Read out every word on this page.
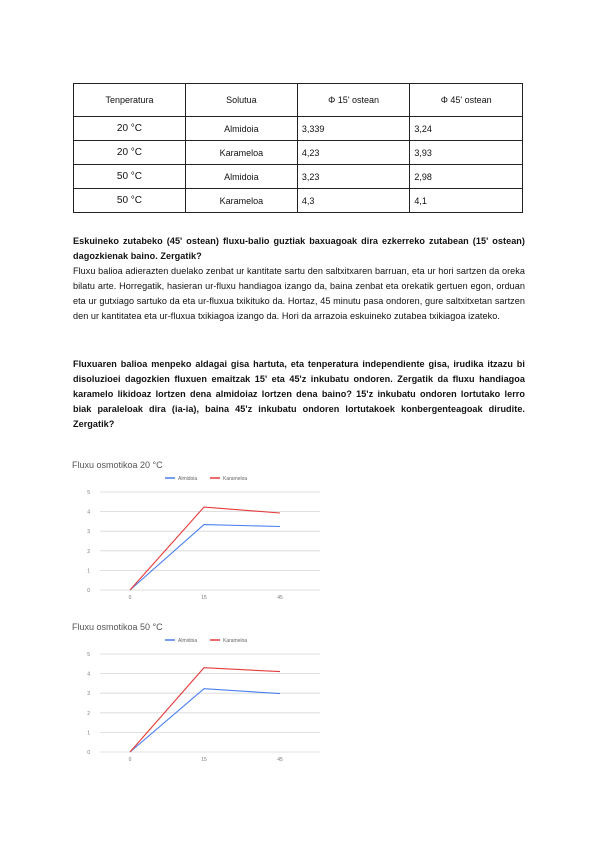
Tenperatura	Solutua	Φ 15' ostean	Φ 45' ostean
20 °C	Almidoia	3,339	3,24
20 °C	Karameloa	4,23	3,93
50 °C	Almidoia	3,23	2,98
50 °C	Karameloa	4,3	4,1
Eskuineko zutabeko (45' ostean) fluxu-balio guztiak baxuagoak dira ezkerreko zutabean (15' ostean) dagozkienak baino. Zergatik?
Fluxu balioa adierazten duelako zenbat ur kantitate sartu den saltxitxaren barruan, eta ur hori sartzen da oreka bilatu arte. Horregatik, hasieran ur-fluxu handiagoa izango da, baina zenbat eta orekatik gertuen egon, orduan eta ur gutxiago sartuko da eta ur-fluxua txikituko da. Hortaz, 45 minutu pasa ondoren, gure saltxitxetan sartzen den ur kantitatea eta ur-fluxua txikiagoa izango da. Hori da arrazoia eskuineko zutabea txikiagoa izateko.
Fluxuaren balioa menpeko aldagai gisa hartuta, eta tenperatura independiente gisa, irudika itzazu bi disoluzioei dagozkien fluxuen emaitzak 15' eta 45'z inkubatu ondoren. Zergatik da fluxu handiagoa karamelo likidoaz lortzen dena almidoiaz lortzen dena baino? 15'z inkubatu ondoren lortutako lerro biak paraleloak dira (ia-ia), baina 45'z inkubatu ondoren lortutakoek konbergenteagoak dirudite. Zergatik?
Fluxu osmotikoa 20 °C
Almidoia	Karameloa
0
1
2
3
4
5
0	15	45
Fluxu osmotikoa 50 °C
Almidoia	Karameloa
0
1
2
3
4
5
0	15	45
